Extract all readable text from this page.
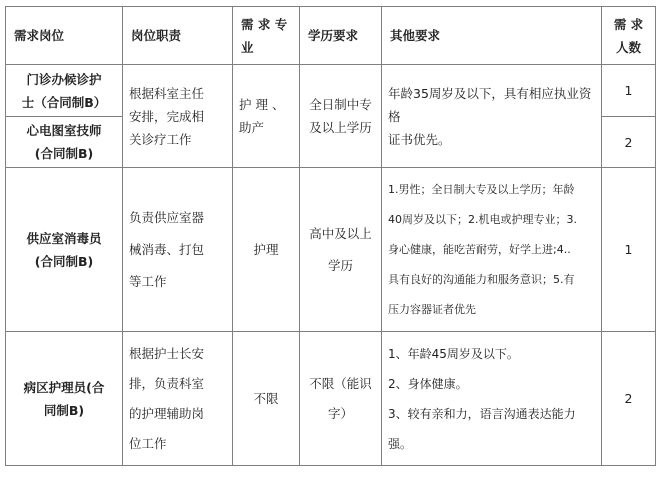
需求岗位	岗位职责	需 求 专
业	学历要求	其他要求	需 求
人数
门诊办候诊护
士（合同制B）	根据科室主任
安排，完成相
关诊疗工作	护 理 、
助产	全日制中专
及以上学历	年龄35周岁及以下，具有相应执业资格
证书优先。	1
心电图室技师
(合同制B)					2
供应室消毒员
(合同制B)	负责供应室器
械消毒、打包
等工作	护理	高中及以上
学历	1.男性；全日制大专及以上学历；年龄
40周岁及以下；2.机电或护理专业；3.
身心健康，能吃苦耐劳，好学上进;4..
具有良好的沟通能力和服务意识；5.有
压力容器证者优先	1
病区护理员(合
同制B)	根据护士长安
排，负责科室
的护理辅助岗
位工作	不限	不限（能识
字）	1、年龄45周岁及以下。
2、身体健康。
3、较有亲和力，语言沟通表达能力
强。	2
